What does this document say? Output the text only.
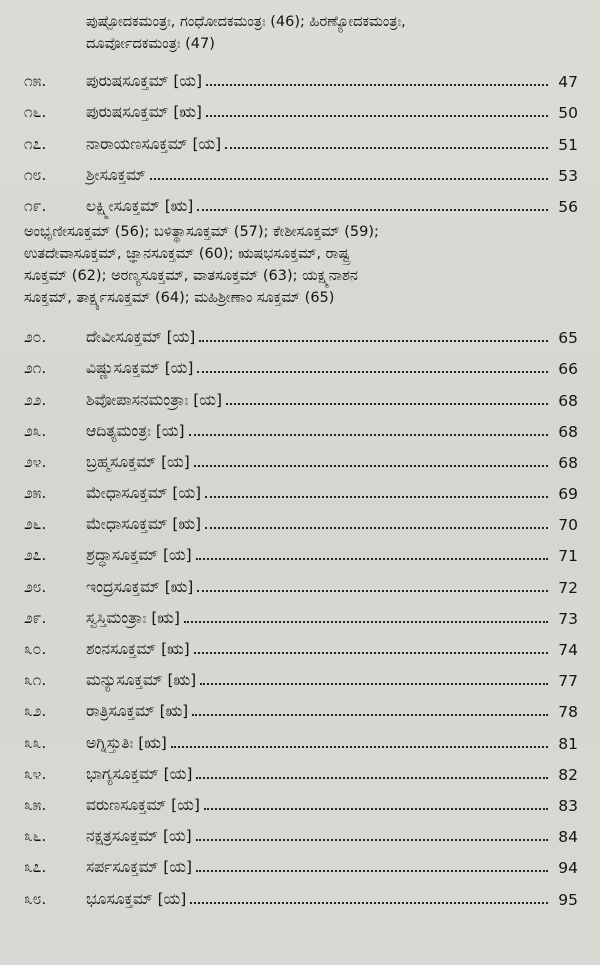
ಪುಷ್ಪೋದಕಮಂತ್ರಃ, ಗಂಧೋದಕಮಂತ್ರಃ (46); ಹಿರಣ್ಯೋದಕಮಂತ್ರಃ,
ದೂರ್ವೋದಕಮಂತ್ರಃ (47)
೧೫.	ಪುರುಷಸೂಕ್ತಮ್ [ಯ]	47
೧೬.	ಪುರುಷಸೂಕ್ತಮ್ [ಋ]	50
೧೭.	ನಾರಾಯಣಸೂಕ್ತಮ್ [ಯ]	51
೧೮.	ಶ್ರೀಸೂಕ್ತಮ್	53
೧೯.	ಲಕ್ಷ್ಮೀಸೂಕ್ತಮ್ [ಋ]	56
ಅಂಭೃಣೀಸೂಕ್ತಮ್ (56); ಬಳಿತ್ಥಾಸೂಕ್ತಮ್ (57); ಕೇಶೀಸೂಕ್ತಮ್ (59);
ಉತದೇವಾಸೂಕ್ತಮ್, ಜ್ಞಾನಸೂಕ್ತಮ್ (60); ಋಷಭಸೂಕ್ತಮ್, ರಾಷ್ಟ್ರ
ಸೂಕ್ತಮ್ (62); ಅರಣ್ಯಸೂಕ್ತಮ್, ವಾತಸೂಕ್ತಮ್ (63); ಯಕ್ಷ್ಮನಾಶನ
ಸೂಕ್ತಮ್, ತಾರ್ಕ್ಷ್ಯಸೂಕ್ತಮ್ (64); ಮಹಿಶ್ರೀಣಾಂ ಸೂಕ್ತಮ್ (65)
೨೦.	ದೇವೀಸೂಕ್ತಮ್ [ಯ]	65
೨೧.	ವಿಷ್ಣುಸೂಕ್ತಮ್ [ಯ]	66
೨೨.	ಶಿವೋಪಾಸನಮಂತ್ರಾಃ [ಯ]	68
೨೩.	ಆದಿತ್ಯಮಂತ್ರಃ [ಯ]	68
೨೪.	ಬ್ರಹ್ಮಸೂಕ್ತಮ್ [ಯ]	68
೨೫.	ಮೇಧಾಸೂಕ್ತಮ್ [ಯ]	69
೨೬.	ಮೇಧಾಸೂಕ್ತಮ್ [ಋ]	70
೨೭.	ಶ್ರದ್ಧಾಸೂಕ್ತಮ್ [ಯ]	71
೨೮.	ಇಂದ್ರಸೂಕ್ತಮ್ [ಋ]	72
೨೯.	ಸ್ವಸ್ತಿಮಂತ್ರಾಃ [ಋ]	73
೩೦.	ಶಂನಸೂಕ್ತಮ್ [ಋ]	74
೩೧.	ಮನ್ಯುಸೂಕ್ತಮ್ [ಋ]	77
೩೨.	ರಾತ್ರಿಸೂಕ್ತಮ್ [ಋ]	78
೩೩.	ಅಗ್ನಿಸ್ತುತಿಃ [ಋ]	81
೩೪.	ಭಾಗ್ಯಸೂಕ್ತಮ್ [ಯ]	82
೩೫.	ವರುಣಸೂಕ್ತಮ್ [ಯ]	83
೩೬.	ನಕ್ಷತ್ರಸೂಕ್ತಮ್ [ಯ]	84
೩೭.	ಸರ್ಪಸೂಕ್ತಮ್ [ಯ]	94
೩೮.	ಭೂಸೂಕ್ತಮ್ [ಯ]	95
